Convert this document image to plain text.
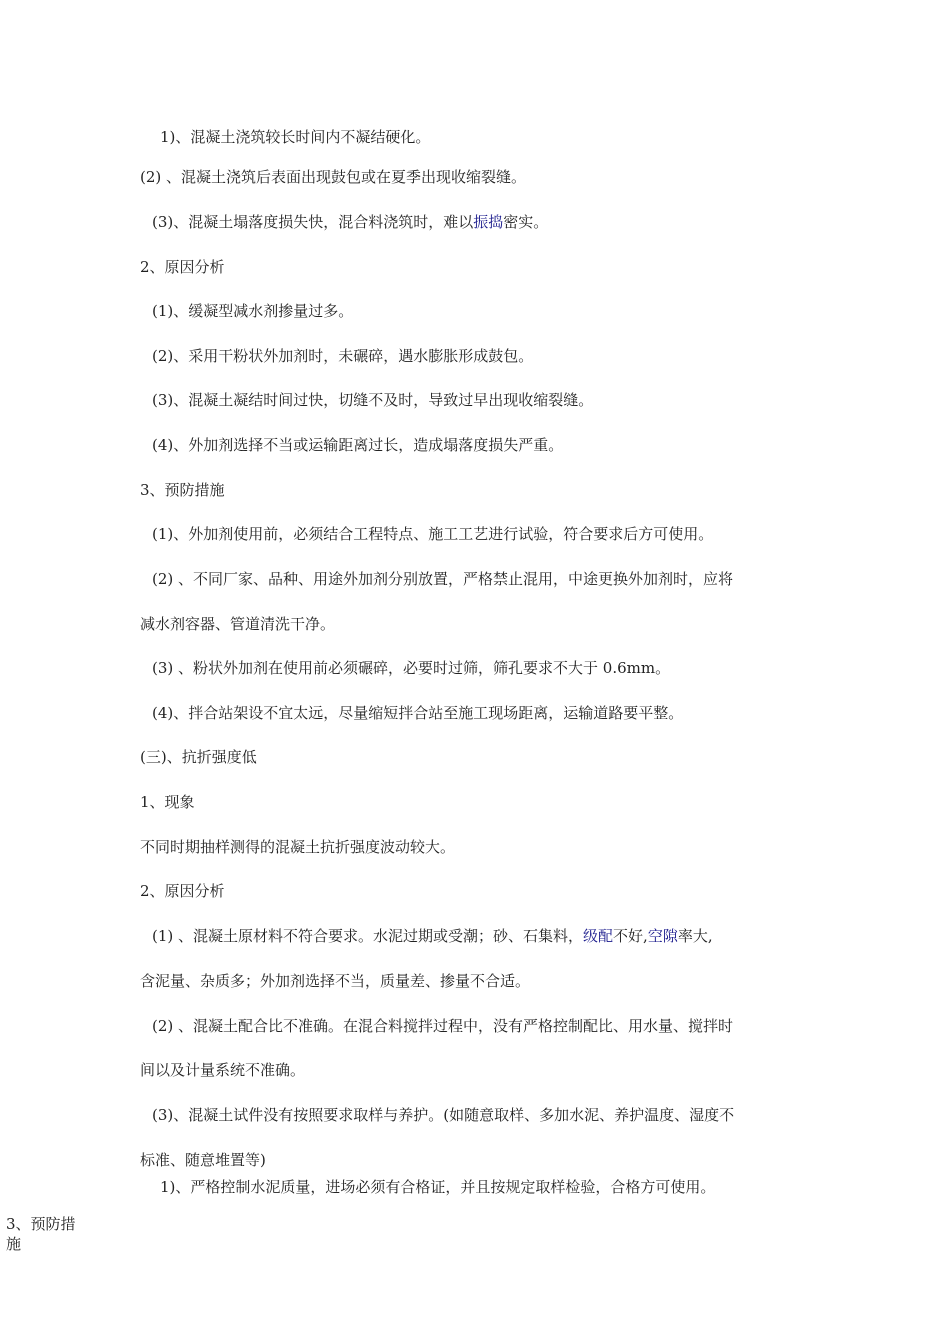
1)、混凝土浇筑较长时间内不凝结硬化。
(2) 、混凝土浇筑后表面出现鼓包或在夏季出现收缩裂缝。
(3)、混凝土塌落度损失快，混合料浇筑时，难以振捣密实。
2、原因分析
(1)、缓凝型减水剂掺量过多。
(2)、采用干粉状外加剂时，未碾碎，遇水膨胀形成鼓包。
(3)、混凝土凝结时间过快，切缝不及时，导致过早出现收缩裂缝。
(4)、外加剂选择不当或运输距离过长，造成塌落度损失严重。
3、预防措施
(1)、外加剂使用前，必须结合工程特点、施工工艺进行试验，符合要求后方可使用。
(2) 、不同厂家、品种、用途外加剂分别放置，严格禁止混用，中途更换外加剂时，应将
减水剂容器、管道清洗干净。
(3) 、粉状外加剂在使用前必须碾碎，必要时过筛，筛孔要求不大于 0.6mm。
(4)、拌合站架设不宜太远，尽量缩短拌合站至施工现场距离，运输道路要平整。
(三)、抗折强度低
1、现象
不同时期抽样测得的混凝土抗折强度波动较大。
2、原因分析
(1) 、混凝土原材料不符合要求。水泥过期或受潮；砂、石集料，级配不好,空隙率大,
含泥量、杂质多；外加剂选择不当，质量差、掺量不合适。
(2) 、混凝土配合比不准确。在混合料搅拌过程中，没有严格控制配比、用水量、搅拌时
间以及计量系统不准确。
(3)、混凝土试件没有按照要求取样与养护。(如随意取样、多加水泥、养护温度、湿度不
标准、随意堆置等)
1)、严格控制水泥质量，进场必须有合格证，并且按规定取样检验，合格方可使用。
3、预防措施
